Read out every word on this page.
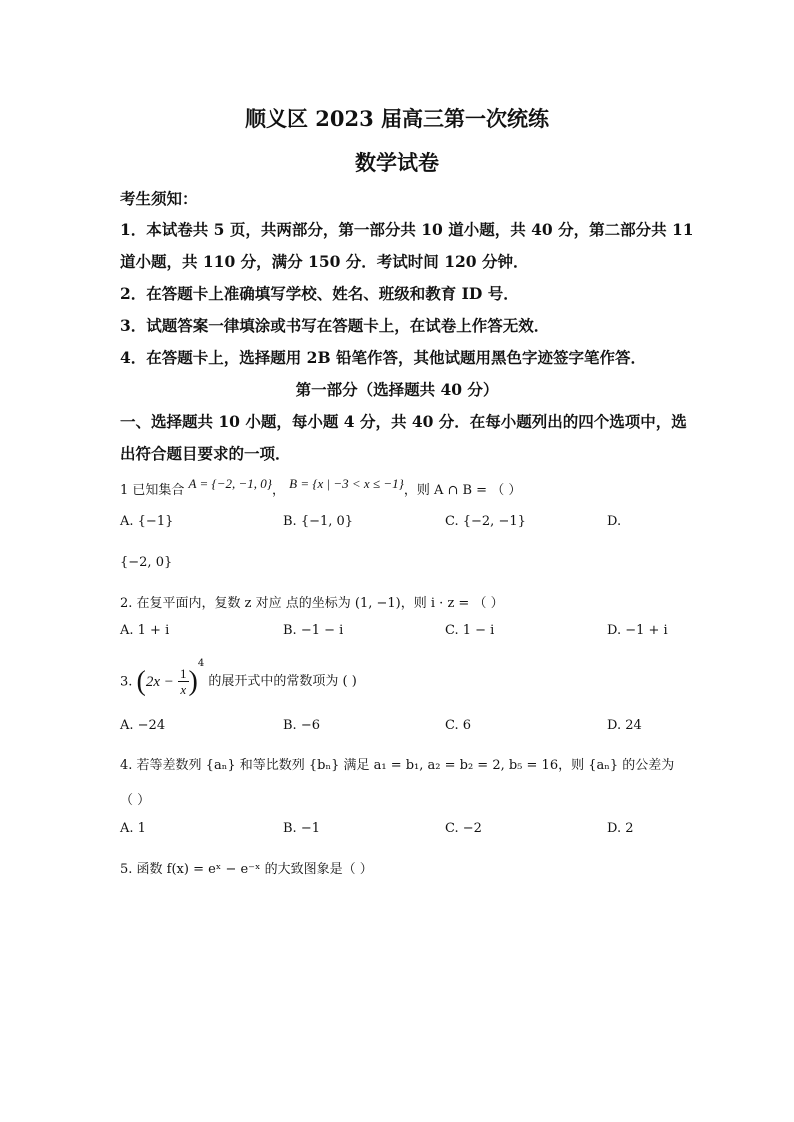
顺义区 2023 届高三第一次统练
数学试卷
考生须知：
1．本试卷共 5 页，共两部分，第一部分共 10 道小题，共 40 分，第二部分共 11
道小题，共 110 分，满分 150 分．考试时间 120 分钟．
2．在答题卡上准确填写学校、姓名、班级和教育 ID 号．
3．试题答案一律填涂或书写在答题卡上，在试卷上作答无效．
4．在答题卡上，选择题用 2B 铅笔作答，其他试题用黑色字迹签字笔作答．
第一部分（选择题共 40 分）
一、选择题共 10 小题，每小题 4 分，共 40 分．在每小题列出的四个选项中，选
出符合题目要求的一项．
1 已知集合 A = {−2, −1, 0}， B = {x | −3 < x ≤ −1}，则 A ∩ B = （ ）
A. {−1}	B. {−1, 0}	C. {−2, −1}	D.
{−2, 0}
2. 在复平面内，复数 z 对应 点的坐标为 (1, −1)，则 i · z = （ ）
A. 1 + i	B. −1 − i	C. 1 − i	D. −1 + i
3. $(2x - \frac{1}{x} )^4$ 的展开式中的常数项为 ( )
A. −24	B. −6	C. 6	D. 24
4. 若等差数列 {aₙ} 和等比数列 {bₙ} 满足 a₁ = b₁, a₂ = b₂ = 2, b₅ = 16，则 {aₙ} 的公差为
（ ）
A. 1	B. −1	C. −2	D. 2
5. 函数 f(x) = eˣ − e⁻ˣ 的大致图象是（ ）
